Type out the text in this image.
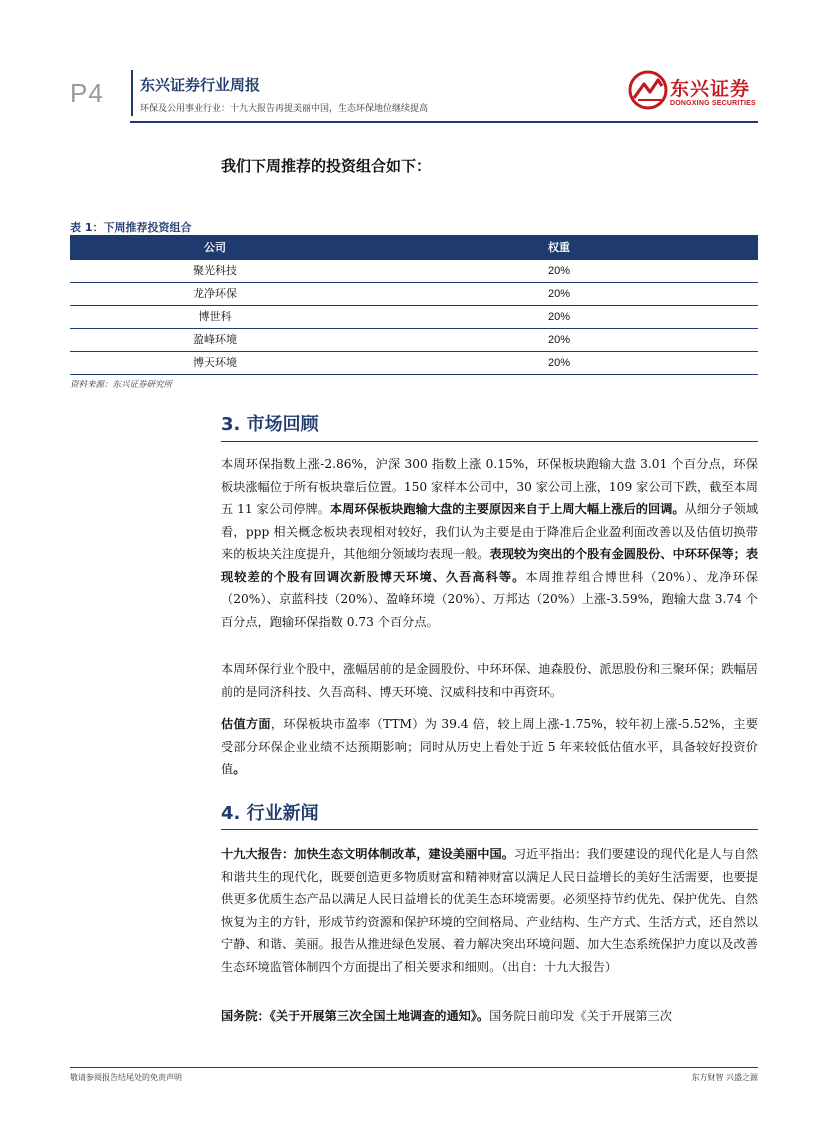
P4 东兴证券行业周报
环保及公用事业行业：十九大报告再提美丽中国，生态环保地位继续提高
东兴证券
DONGXING SECURITIES
我们下周推荐的投资组合如下：
表 1：下周推荐投资组合
公司	权重
聚光科技	20%
龙净环保	20%
博世科	20%
盈峰环境	20%
博天环境	20%
资料来源：东兴证券研究所
3. 市场回顾
本周环保指数上涨-2.86%，沪深 300 指数上涨 0.15%，环保板块跑输大盘 3.01 个百分点，环保板块涨幅位于所有板块靠后位置。150 家样本公司中，30 家公司上涨，109 家公司下跌，截至本周五 11 家公司停牌。本周环保板块跑输大盘的主要原因来自于上周大幅上涨后的回调。从细分子领域看，ppp 相关概念板块表现相对较好，我们认为主要是由于降准后企业盈利面改善以及估值切换带来的板块关注度提升，其他细分领域均表现一般。表现较为突出的个股有金圆股份、中环环保等；表现较差的个股有回调次新股博天环境、久吾高科等。本周推荐组合博世科（20%）、龙净环保（20%）、京蓝科技（20%）、盈峰环境（20%）、万邦达（20%）上涨-3.59%，跑输大盘 3.74 个百分点，跑输环保指数 0.73 个百分点。
本周环保行业个股中，涨幅居前的是金圆股份、中环环保、迪森股份、派思股份和三聚环保；跌幅居前的是同济科技、久吾高科、博天环境、汉威科技和中再资环。
估值方面，环保板块市盈率（TTM）为 39.4 倍，较上周上涨-1.75%，较年初上涨-5.52%，主要受部分环保企业业绩不达预期影响；同时从历史上看处于近 5 年来较低估值水平，具备较好投资价值。
4. 行业新闻
十九大报告：加快生态文明体制改革，建设美丽中国。习近平指出：我们要建设的现代化是人与自然和谐共生的现代化，既要创造更多物质财富和精神财富以满足人民日益增长的美好生活需要，也要提供更多优质生态产品以满足人民日益增长的优美生态环境需要。必须坚持节约优先、保护优先、自然恢复为主的方针，形成节约资源和保护环境的空间格局、产业结构、生产方式、生活方式，还自然以宁静、和谐、美丽。报告从推进绿色发展、着力解决突出环境问题、加大生态系统保护力度以及改善生态环境监管体制四个方面提出了相关要求和细则。（出自：十九大报告）
国务院：《关于开展第三次全国土地调查的通知》。国务院日前印发《关于开展第三次
敬请参阅报告结尾处的免责声明	东方财智 兴盛之源
